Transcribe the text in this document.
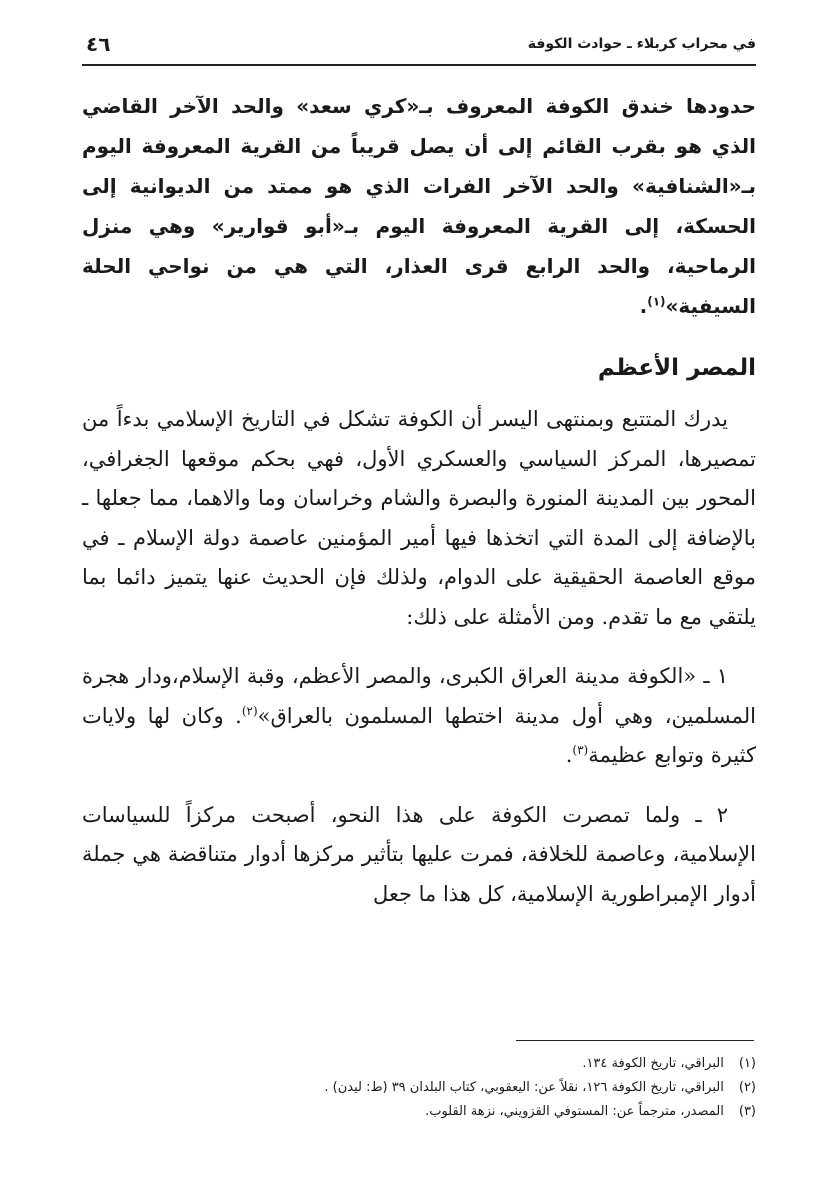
في محراب كربلاء ـ حوادث الكوفة
٤٦

حدودها خندق الكوفة المعروف بـ«كري سعد» والحد الآخر القاضي الذي هو بقرب القائم إلى أن يصل قريباً من القرية المعروفة اليوم بـ«الشنافية» والحد الآخر الفرات الذي هو ممتد من الديوانية إلى الحسكة، إلى القرية المعروفة اليوم بـ«أبو قوارير» وهي منزل الرماحية، والحد الرابع قرى العذار، التي هي من نواحي الحلة السيفية»$^{(١)}$.

المصر الأعظم

يدرك المتتبع وبمنتهى اليسر أن الكوفة تشكل في التاريخ الإسلامي بدءاً من تمصيرها، المركز السياسي والعسكري الأول، فهي بحكم موقعها الجغرافي، المحور بين المدينة المنورة والبصرة والشام وخراسان وما والاهما، مما جعلها ـ بالإضافة إلى المدة التي اتخذها فيها أمير المؤمنين عاصمة دولة الإسلام ـ في موقع العاصمة الحقيقية على الدوام، ولذلك فإن الحديث عنها يتميز دائما بما يلتقي مع ما تقدم. ومن الأمثلة على ذلك:

١ ـ «الكوفة مدينة العراق الكبرى، والمصر الأعظم، وقبة الإسلام،ودار هجرة المسلمين، وهي أول مدينة اختطها المسلمون بالعراق»$^{(٢)}$. وكان لها ولايات كثيرة وتوابع عظيمة$^{(٣)}$.

٢ ـ ولما تمصرت الكوفة على هذا النحو، أصبحت مركزاً للسياسات الإسلامية، وعاصمة للخلافة، فمرت عليها بتأثير مركزها أدوار متناقضة هي جملة أدوار الإمبراطورية الإسلامية، كل هذا ما جعل

(١) البراقي، تاريخ الكوفة ١٣٤.

(٢) البراقي، تاريخ الكوفة ١٢٦، نقلاً عن: اليعقوبي، كتاب البلدان ٣٩ (ط: ليدن) .

(٣) المصدر، مترجماً عن: المستوفي القزويني، نزهة القلوب.
